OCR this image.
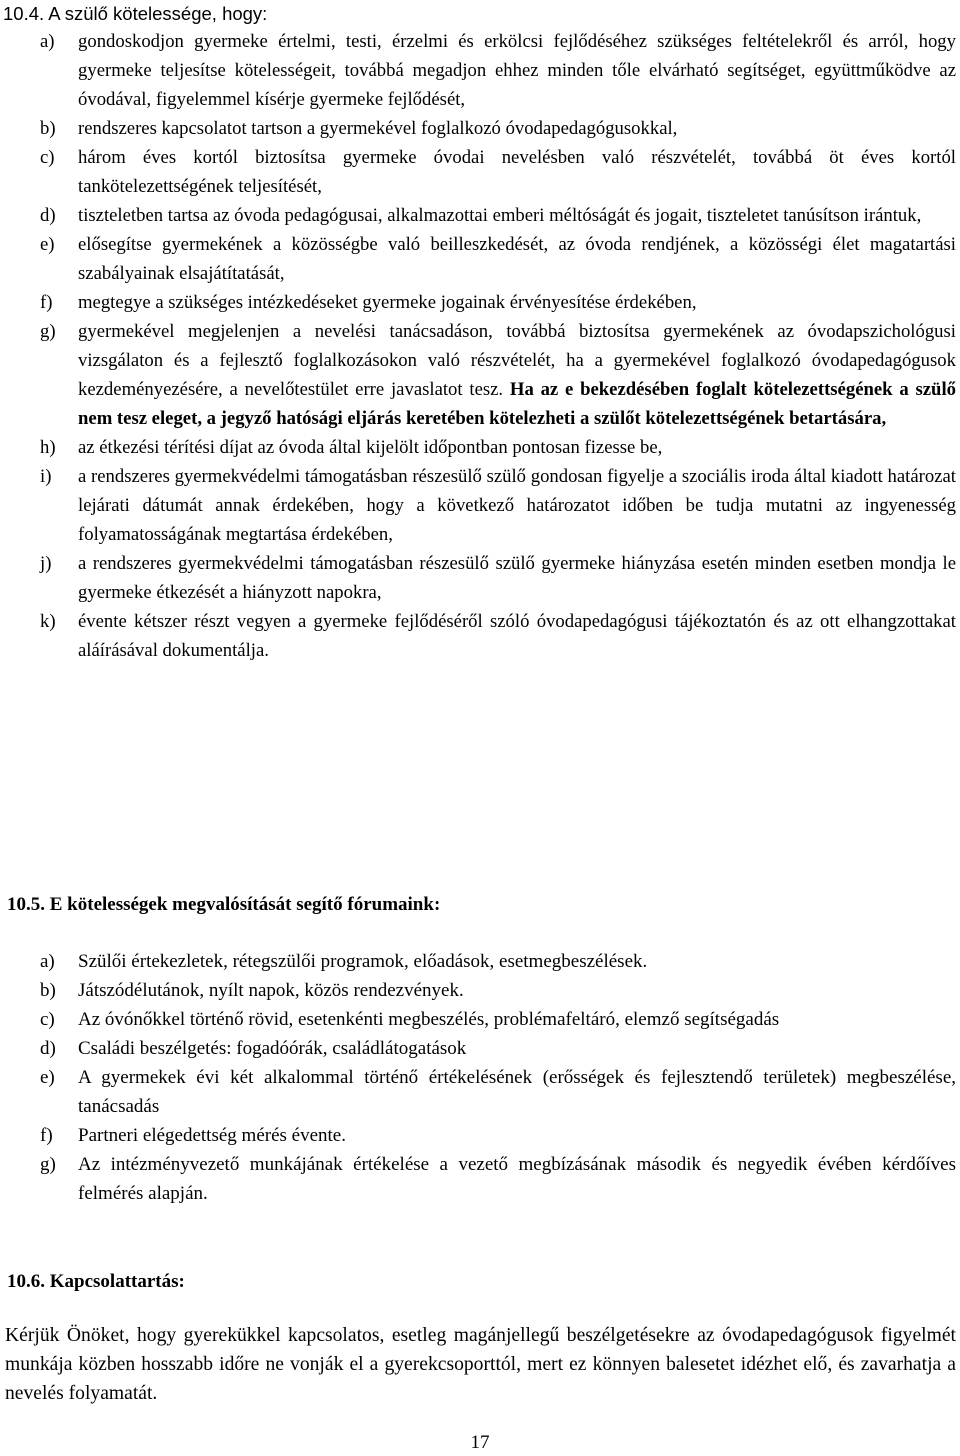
10.4. A szülő kötelessége, hogy:
a) gondoskodjon gyermeke értelmi, testi, érzelmi és erkölcsi fejlődéséhez szükséges feltételekről és arról, hogy gyermeke teljesítse kötelességeit, továbbá megadjon ehhez minden tőle elvárható segítséget, együttműködve az óvodával, figyelemmel kísérje gyermeke fejlődését,
b) rendszeres kapcsolatot tartson a gyermekével foglalkozó óvodapedagógusokkal,
c) három éves kortól biztosítsa gyermeke óvodai nevelésben való részvételét, továbbá öt éves kortól tankötelezettségének teljesítését,
d) tiszteletben tartsa az óvoda pedagógusai, alkalmazottai emberi méltóságát és jogait, tiszteletet tanúsítson irántuk,
e) elősegítse gyermekének a közösségbe való beilleszkedését, az óvoda rendjének, a közösségi élet magatartási szabályainak elsajátítatását,
f) megtegye a szükséges intézkedéseket gyermeke jogainak érvényesítése érdekében,
g) gyermekével megjelenjen a nevelési tanácsadáson, továbbá biztosítsa gyermekének az óvodapszichológusi vizsgálaton és a fejlesztő foglalkozásokon való részvételét, ha a gyermekével foglalkozó óvodapedagógusok kezdeményezésére, a nevelőtestület erre javaslatot tesz. Ha az e bekezdésében foglalt kötelezettségének a szülő nem tesz eleget, a jegyző hatósági eljárás keretében kötelezheti a szülőt kötelezettségének betartására,
h) az étkezési térítési díjat az óvoda által kijelölt időpontban pontosan fizesse be,
i) a rendszeres gyermekvédelmi támogatásban részesülő szülő gondosan figyelje a szociális iroda által kiadott határozat lejárati dátumát annak érdekében, hogy a következő határozatot időben be tudja mutatni az ingyenesség folyamatosságának megtartása érdekében,
j) a rendszeres gyermekvédelmi támogatásban részesülő szülő gyermeke hiányzása esetén minden esetben mondja le gyermeke étkezését a hiányzott napokra,
k) évente kétszer részt vegyen a gyermeke fejlődéséről szóló óvodapedagógusi tájékoztatón és az ott elhangzottakat aláírásával dokumentálja.
10.5. E kötelességek megvalósítását segítő fórumaink:
a) Szülői értekezletek, rétegszülői programok, előadások, esetmegbeszélések.
b) Játszódélutánok, nyílt napok, közös rendezvények.
c) Az óvónőkkel történő rövid, esetenkénti megbeszélés, problémafeltáró, elemző segítségadás
d) Családi beszélgetés: fogadóórák, családlátogatások
e) A gyermekek évi két alkalommal történő értékelésének (erősségek és fejlesztendő területek) megbeszélése, tanácsadás
f) Partneri elégedettség mérés évente.
g) Az intézményvezető munkájának értékelése a vezető megbízásának második és negyedik évében kérdőíves felmérés alapján.
10.6. Kapcsolattartás:

Kérjük Önöket, hogy gyerekükkel kapcsolatos, esetleg magánjellegű beszélgetésekre az óvodapedagógusok figyelmét munkája közben hosszabb időre ne vonják el a gyerekcsoporttól, mert ez könnyen balesetet idézhet elő, és zavarhatja a nevelés folyamatát.

17
